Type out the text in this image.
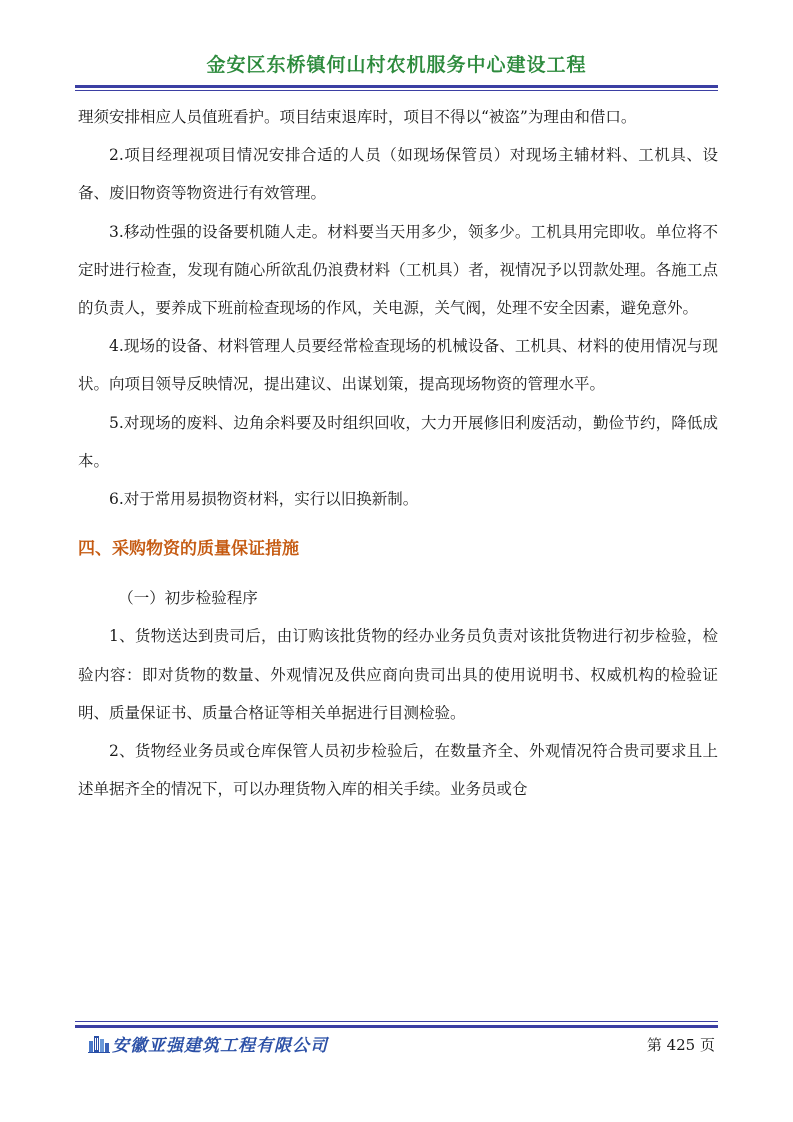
金安区东桥镇何山村农机服务中心建设工程

理须安排相应人员值班看护。项目结束退库时，项目不得以“被盗”为理由和借口。

2.项目经理视项目情况安排合适的人员（如现场保管员）对现场主辅材料、工机具、设备、废旧物资等物资进行有效管理。

3.移动性强的设备要机随人走。材料要当天用多少，领多少。工机具用完即收。单位将不定时进行检查，发现有随心所欲乱仍浪费材料（工机具）者，视情况予以罚款处理。各施工点的负责人，要养成下班前检查现场的作风，关电源，关气阀，处理不安全因素，避免意外。

4.现场的设备、材料管理人员要经常检查现场的机械设备、工机具、材料的使用情况与现状。向项目领导反映情况，提出建议、出谋划策，提高现场物资的管理水平。

5.对现场的废料、边角余料要及时组织回收，大力开展修旧利废活动，勤俭节约，降低成本。

6.对于常用易损物资材料，实行以旧换新制。

四、采购物资的质量保证措施

（一）初步检验程序

1、货物送达到贵司后，由订购该批货物的经办业务员负责对该批货物进行初步检验，检验内容：即对货物的数量、外观情况及供应商向贵司出具的使用说明书、权威机构的检验证明、质量保证书、质量合格证等相关单据进行目测检验。

2、货物经业务员或仓库保管人员初步检验后，在数量齐全、外观情况符合贵司要求且上述单据齐全的情况下，可以办理货物入库的相关手续。业务员或仓

安徽亚强建筑工程有限公司	第 425 页
